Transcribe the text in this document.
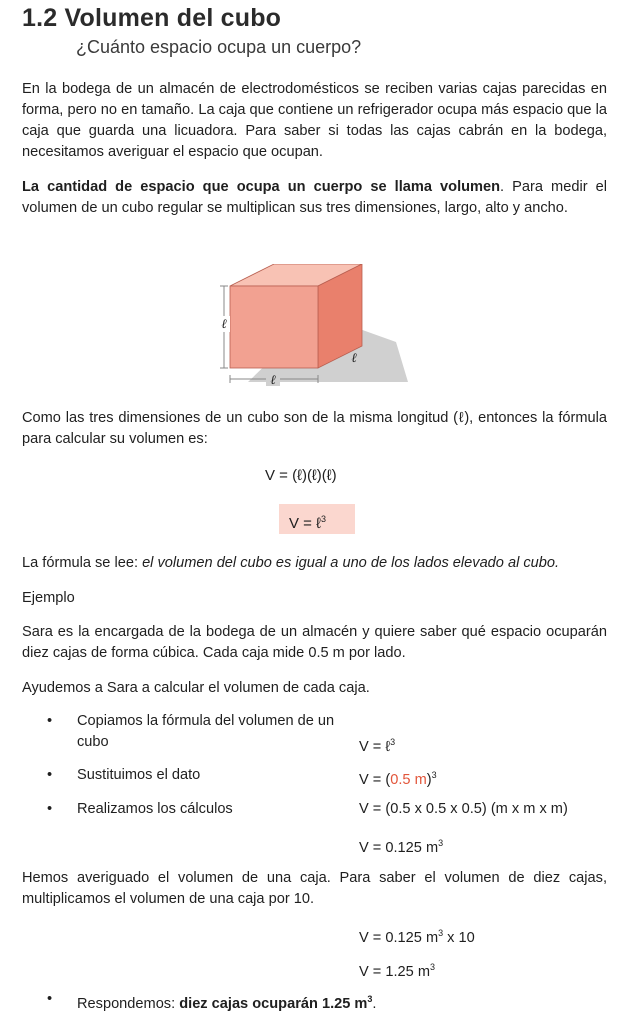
1.2 Volumen del cubo
¿Cuánto espacio ocupa un cuerpo?
En la bodega de un almacén de electrodomésticos se reciben varias cajas parecidas en forma, pero no en tamaño. La caja que contiene un refrigerador ocupa más espacio que la caja que guarda una licuadora. Para saber si todas las cajas cabrán en la bodega, necesitamos averiguar el espacio que ocupan.
La cantidad de espacio que ocupa un cuerpo se llama volumen. Para medir el volumen de un cubo regular se multiplican sus tres dimensiones, largo, alto y ancho.
ℓ
ℓ
ℓ
Como las tres dimensiones de un cubo son de la misma longitud (ℓ), entonces la fórmula para calcular su volumen es:
V = (ℓ)(ℓ)(ℓ)
V = ℓ$^3$
La fórmula se lee: el volumen del cubo es igual a uno de los lados elevado al cubo.
Ejemplo
Sara es la encargada de la bodega de un almacén y quiere saber qué espacio ocuparán diez cajas de forma cúbica. Cada caja mide 0.5 m por lado.
Ayudemos a Sara a calcular el volumen de cada caja.
• Copiamos la fórmula del volumen de un cubo	V = ℓ$^3$
• Sustituimos el dato	V = (0.5 m)$^3$
• Realizamos los cálculos	V = (0.5 x 0.5 x 0.5) (m x m x m)
V = 0.125 $m^3$
Hemos averiguado el volumen de una caja. Para saber el volumen de diez cajas, multiplicamos el volumen de una caja por 10.
V = 0.125 $m^3$ x 10
V = 1.25 $m^3$
• Respondemos: diez cajas ocuparán 1.25 $m^3$.
